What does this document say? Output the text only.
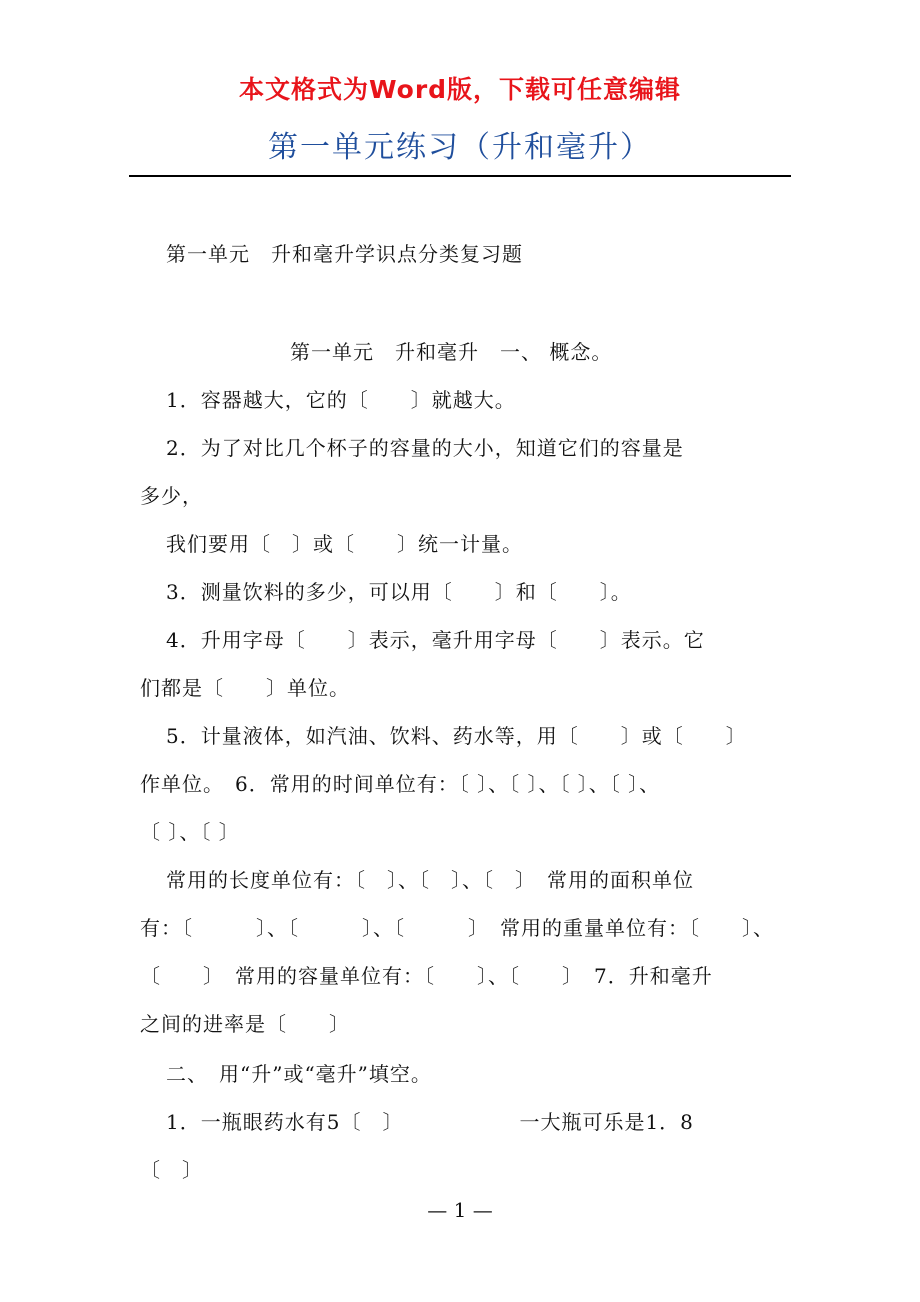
本文格式为Word版，下载可任意编辑
第一单元练习（升和毫升）
第一单元　升和毫升学识点分类复习题
第一单元　升和毫升　一、 概念。
1．容器越大，它的〔　　〕就越大。
2．为了对比几个杯子的容量的大小，知道它们的容量是
多少，
我们要用〔　〕或〔　　〕统一计量。
3．测量饮料的多少，可以用〔　　〕和〔　　〕。
4．升用字母〔　　〕表示，毫升用字母〔　　〕表示。它
们都是〔　　〕单位。
5．计量液体，如汽油、饮料、药水等，用〔　　〕或〔　　〕
作单位。　6．常用的时间单位有：〔 〕、〔 〕、〔 〕、〔 〕、
〔 〕、〔 〕
常用的长度单位有：〔　〕、〔　〕、〔　〕　常用的面积单位
有：〔　　　〕、〔　　　〕、〔　　　〕　常用的重量单位有：〔　　〕、
〔　　〕　常用的容量单位有：〔　　〕、〔　　〕　7．升和毫升
之间的进率是〔　　〕
二、　用“升”或“毫升”填空。
1．一瓶眼药水有5〔　〕　　　　　　一大瓶可乐是1．8
〔　〕
— 1 —
